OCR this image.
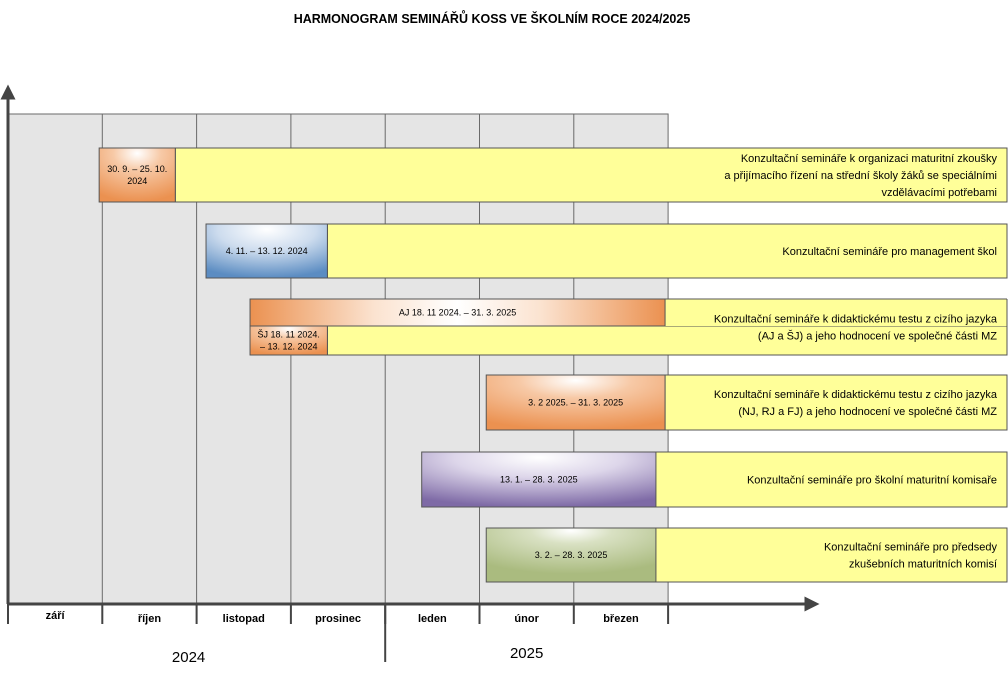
HARMONOGRAM SEMINÁŘŮ KOSS VE ŠKOLNÍM ROCE 2024/2025
září	říjen	listopad	prosinec	leden	únor	březen
2024	2025
30. 9. – 25. 10.
2024
Konzultační semináře k organizaci maturitní zkoušky
a přijímacího řízení na střední školy žáků se speciálními
vzdělávacími potřebami
4. 11. – 13. 12. 2024	Konzultační semináře pro management škol
AJ 18. 11 2024. – 31. 3. 2025
ŠJ 18. 11 2024.
– 13. 12. 2024
Konzultační semináře k didaktickému testu z cizího jazyka
(AJ a ŠJ) a jeho hodnocení ve společné části MZ
3. 2 2025. – 31. 3. 2025
Konzultační semináře k didaktickému testu z cizího jazyka
(NJ, RJ a FJ) a jeho hodnocení ve společné části MZ
13. 1. – 28. 3. 2025	Konzultační semináře pro školní maturitní komisaře
3. 2. – 28. 3. 2025
Konzultační semináře pro předsedy
zkušebních maturitních komisí
